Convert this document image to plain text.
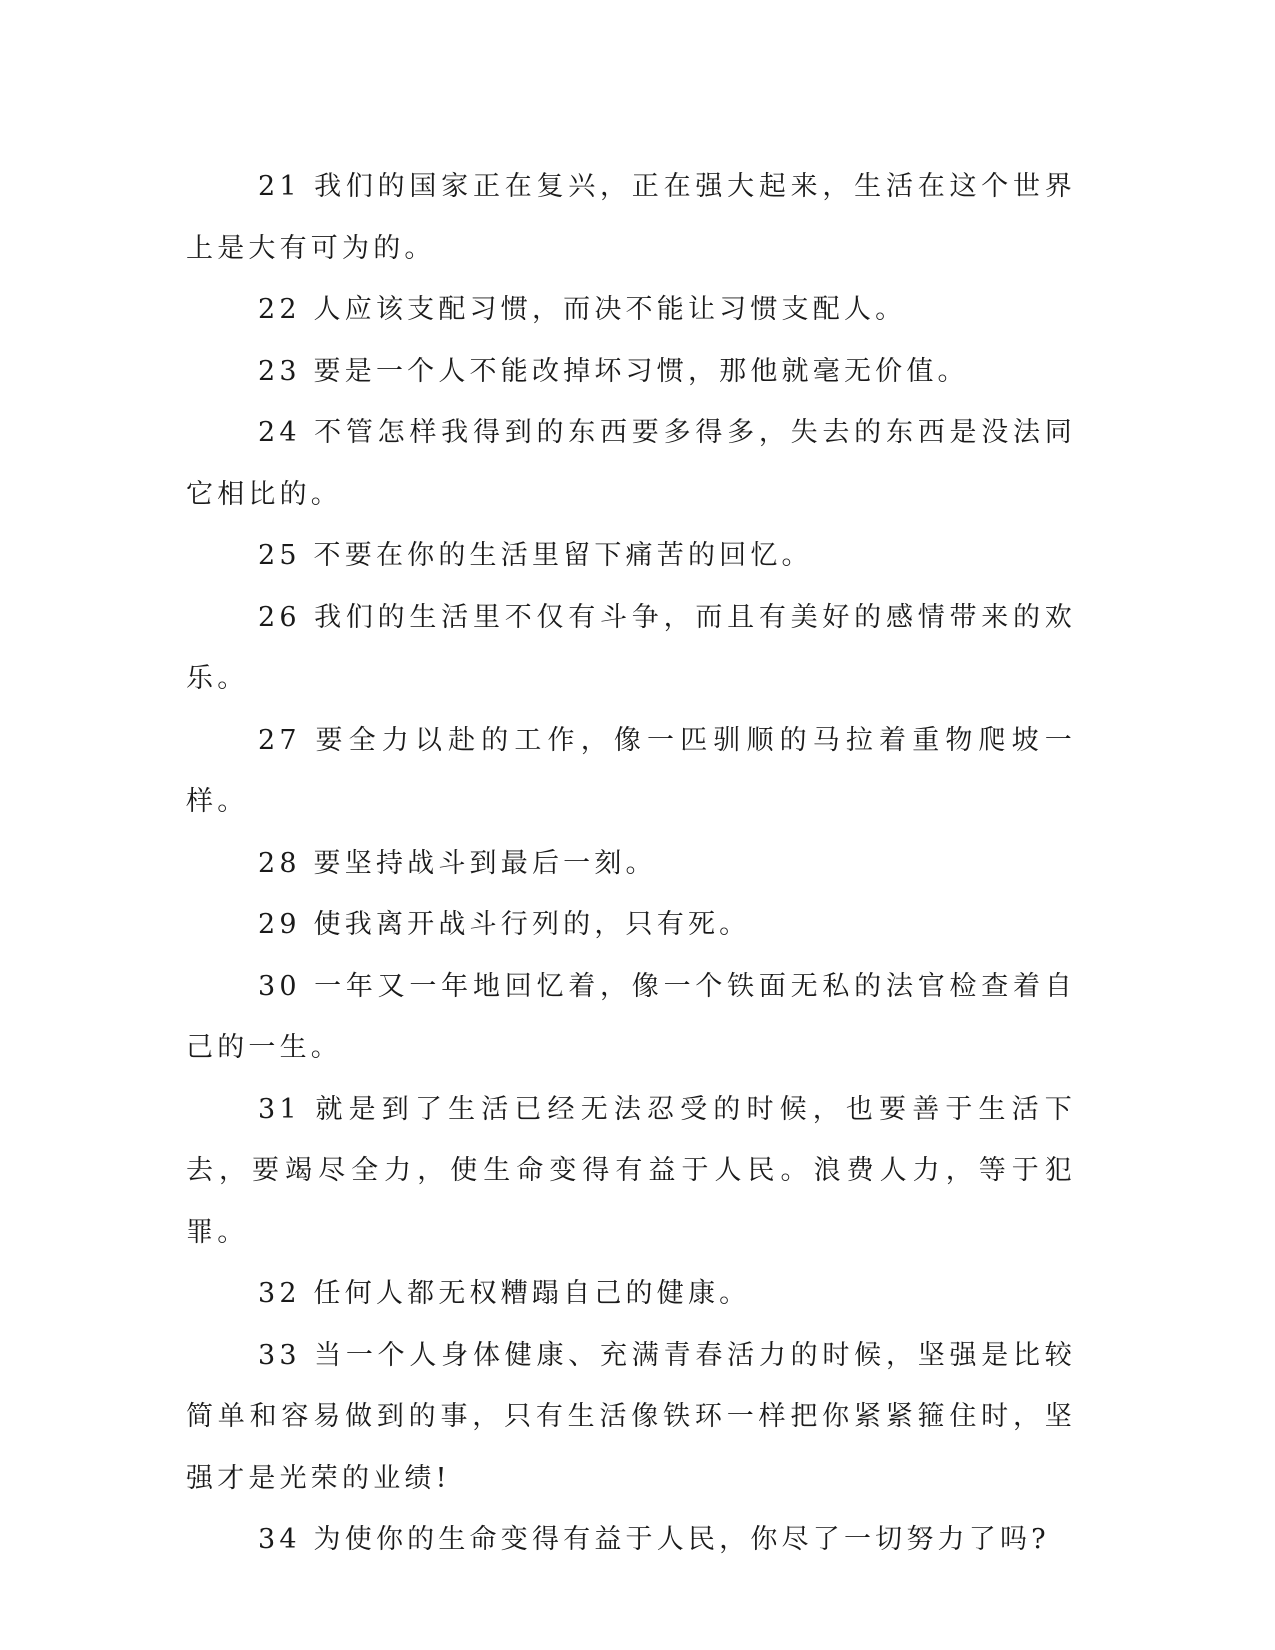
21 我们的国家正在复兴，正在强大起来，生活在这个世界上是大有可为的。

22 人应该支配习惯，而决不能让习惯支配人。

23 要是一个人不能改掉坏习惯，那他就毫无价值。

24 不管怎样我得到的东西要多得多，失去的东西是没法同它相比的。

25 不要在你的生活里留下痛苦的回忆。

26 我们的生活里不仅有斗争，而且有美好的感情带来的欢乐。

27 要全力以赴的工作，像一匹驯顺的马拉着重物爬坡一样。

28 要坚持战斗到最后一刻。

29 使我离开战斗行列的，只有死。

30 一年又一年地回忆着，像一个铁面无私的法官检查着自己的一生。

31 就是到了生活已经无法忍受的时候，也要善于生活下去，要竭尽全力，使生命变得有益于人民。浪费人力，等于犯罪。

32 任何人都无权糟蹋自己的健康。

33 当一个人身体健康、充满青春活力的时候，坚强是比较简单和容易做到的事，只有生活像铁环一样把你紧紧箍住时，坚强才是光荣的业绩!

34 为使你的生命变得有益于人民，你尽了一切努力了吗?
